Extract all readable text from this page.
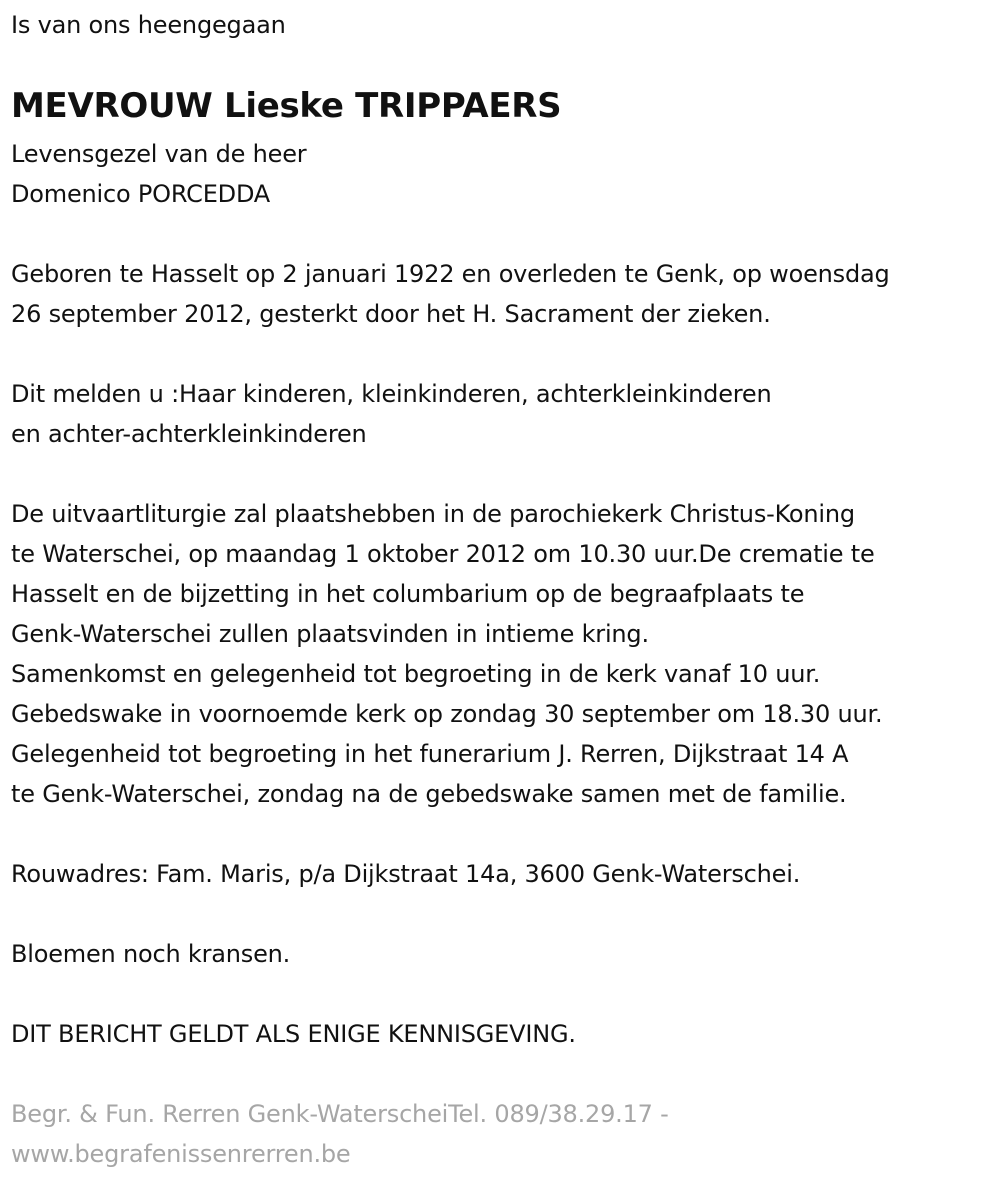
Is van ons heengegaan
MEVROUW Lieske TRIPPAERS
Levensgezel van de heer
Domenico PORCEDDA
Geboren te Hasselt op 2 januari 1922 en overleden te Genk, op woensdag
26 september 2012, gesterkt door het H. Sacrament der zieken.
Dit melden u :Haar kinderen, kleinkinderen, achterkleinkinderen
en achter-achterkleinkinderen
De uitvaartliturgie zal plaatshebben in de parochiekerk Christus-Koning
te Waterschei, op maandag 1 oktober 2012 om 10.30 uur.De crematie te
Hasselt en de bijzetting in het columbarium op de begraafplaats te
Genk-Waterschei zullen plaatsvinden in intieme kring.
Samenkomst en gelegenheid tot begroeting in de kerk vanaf 10 uur.
Gebedswake in voornoemde kerk op zondag 30 september om 18.30 uur.
Gelegenheid tot begroeting in het funerarium J. Rerren, Dijkstraat 14 A
te Genk-Waterschei, zondag na de gebedswake samen met de familie.
Rouwadres: Fam. Maris, p/a Dijkstraat 14a, 3600 Genk-Waterschei.
Bloemen noch kransen.
DIT BERICHT GELDT ALS ENIGE KENNISGEVING.
Begr. & Fun. Rerren Genk-WaterscheiTel. 089/38.29.17 -
www.begrafenissenrerren.be
